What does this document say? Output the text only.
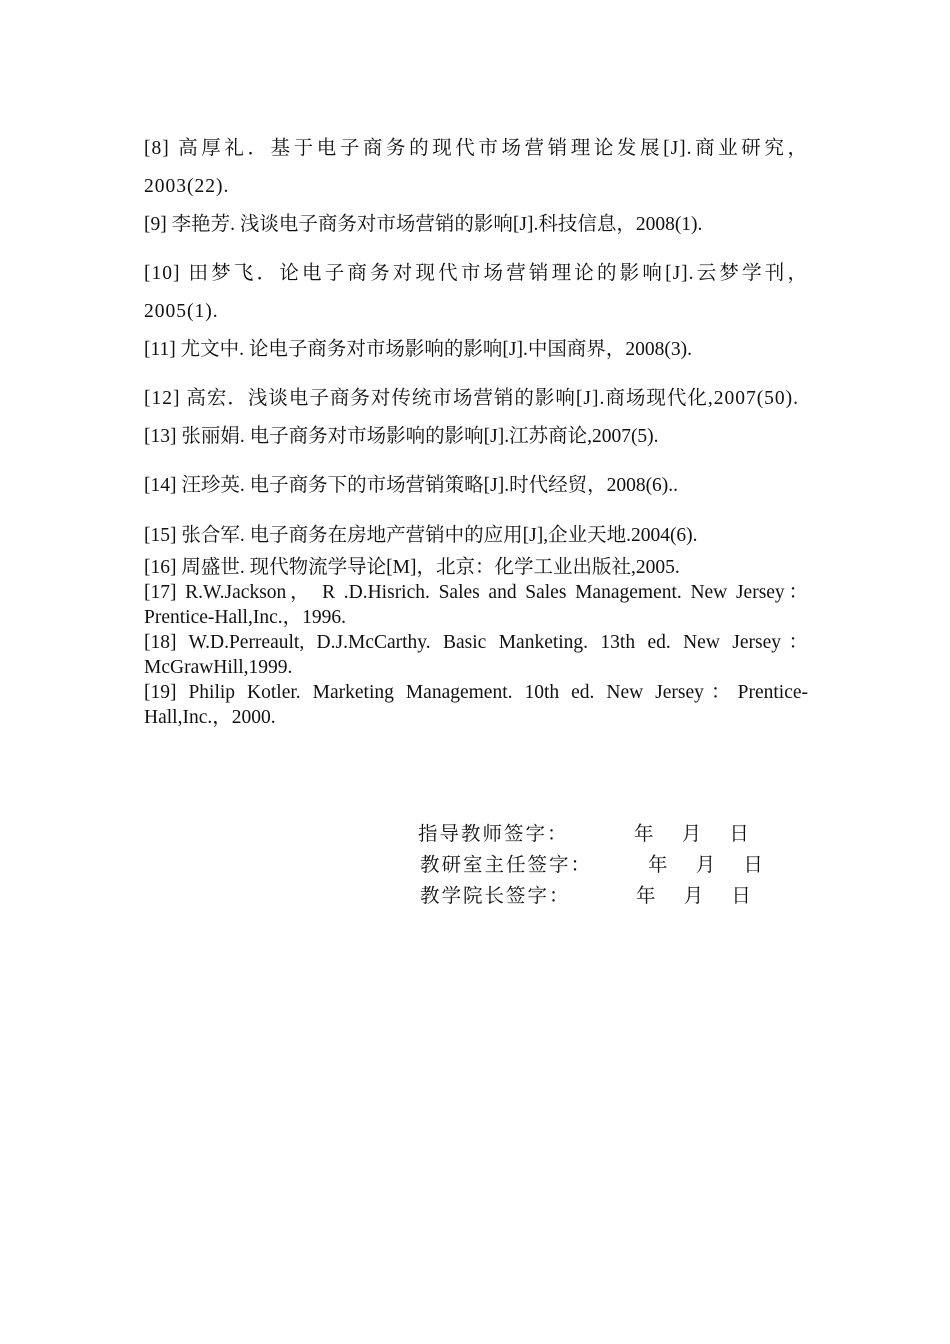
[8] 高厚礼．基于电子商务的现代市场营销理论发展[J].商业研究，2003(22).

[9] 李艳芳. 浅谈电子商务对市场营销的影响[J].科技信息，2008(1).

[10] 田梦飞．论电子商务对现代市场营销理论的影响[J].云梦学刊，2005(1).

[11] 尤文中. 论电子商务对市场影响的影响[J].中国商界，2008(3).

[12] 高宏．浅谈电子商务对传统市场营销的影响[J].商场现代化,2007(50).

[13] 张丽娟. 电子商务对市场影响的影响[J].江苏商论,2007(5).

[14] 汪珍英. 电子商务下的市场营销策略[J].时代经贸，2008(6)..

[15] 张合军. 电子商务在房地产营销中的应用[J],企业天地.2004(6).

[16] 周盛世. 现代物流学导论[M]，北京：化学工业出版社,2005.

[17] R.W.Jackson， R .D.Hisrich. Sales and Sales Management. New Jersey：Prentice-Hall,Inc.，1996.

[18] W.D.Perreault, D.J.McCarthy. Basic Manketing. 13th ed. New Jersey：McGrawHill,1999.

[19] Philip Kotler. Marketing Management. 10th ed. New Jersey：Prentice-Hall,Inc.，2000.

指导教师签字：	年 月 日
教研室主任签字：	年 月 日
教学院长签字：	年 月 日
